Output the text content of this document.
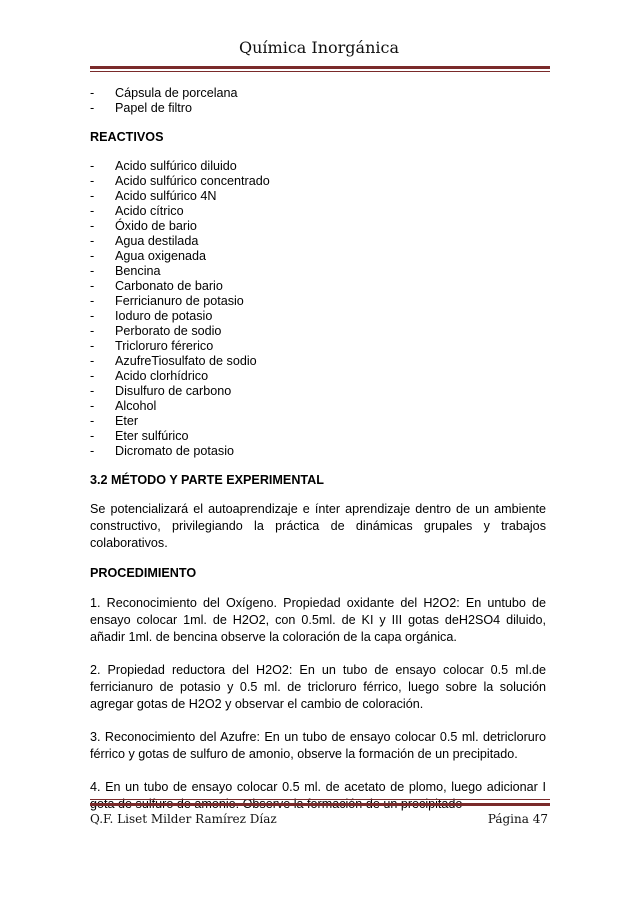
Química Inorgánica
- Cápsula de porcelana
- Papel de filtro

REACTIVOS

- Acido sulfúrico diluido
- Acido sulfúrico concentrado
- Acido sulfúrico 4N
- Acido cítrico
- Óxido de bario
- Agua destilada
- Agua oxigenada
- Bencina
- Carbonato de bario
- Ferricianuro de potasio
- Ioduro de potasio
- Perborato de sodio
- Tricloruro férerico
- AzufreTiosulfato de sodio
- Acido clorhídrico
- Disulfuro de carbono
- Alcohol
- Eter
- Eter sulfúrico
- Dicromato de potasio

3.2 MÉTODO Y PARTE EXPERIMENTAL

Se potencializará el autoaprendizaje e ínter aprendizaje dentro de un ambiente constructivo, privilegiando la práctica de dinámicas grupales y trabajos colaborativos.

PROCEDIMIENTO

1. Reconocimiento del Oxígeno. Propiedad oxidante del H2O2: En untubo de ensayo colocar 1ml. de H2O2, con 0.5ml. de KI y III gotas deH2SO4 diluido, añadir 1ml. de bencina observe la coloración de la capa orgánica.

2. Propiedad reductora del H2O2: En un tubo de ensayo colocar 0.5 ml.de ferricianuro de potasio y 0.5 ml. de tricloruro férrico, luego sobre la solución agregar gotas de H2O2 y observar el cambio de coloración.

3. Reconocimiento del Azufre: En un tubo de ensayo colocar 0.5 ml. detricloruro férrico y gotas de sulfuro de amonio, observe la formación de un precipitado.

4. En un tubo de ensayo colocar 0.5 ml. de acetato de plomo, luego adicionar I gota de sulfuro de amonio. Observe la formación de un precipitado

Q.F. Liset Milder Ramírez Díaz	Página 47
